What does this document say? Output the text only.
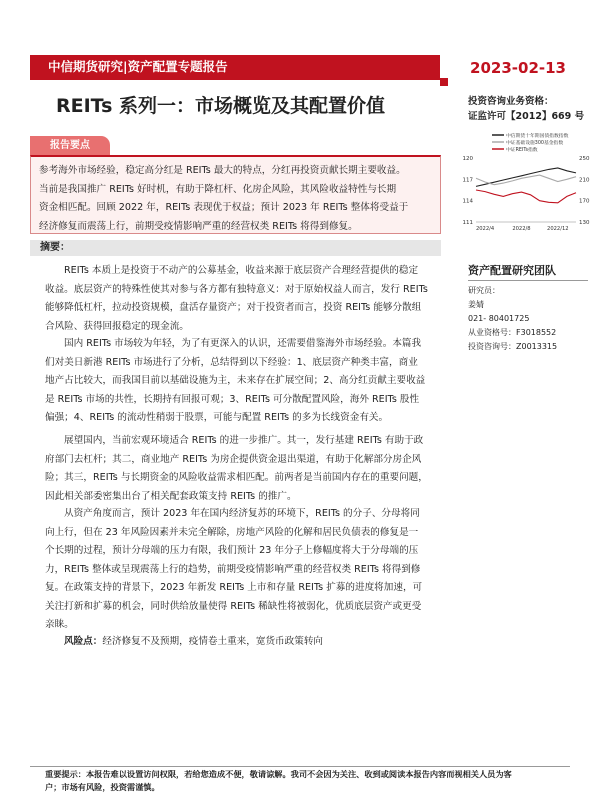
中信期货研究|资产配置专题报告	2023-02-13
REITs 系列一：市场概览及其配置价值	投资咨询业务资格：
证监许可【2012】669 号
报告要点
参考海外市场经验，稳定高分红是 REITs 最大的特点，分红再投资贡献长期主要收益。
当前是我国推广 REITs 好时机，有助于降杠杆、化房企风险，其风险收益特性与长期
资金相匹配。回顾 2022 年，REITs 表现优于权益；预计 2023 年 REITs 整体将受益于
经济修复而震荡上行，前期受疫情影响严重的经营权类 REITs 将得到修复。
摘要：
REITs 本质上是投资于不动产的公募基金，收益来源于底层资产合理经营提供的稳定
收益。底层资产的特殊性使其对参与各方都有独特意义：对于原始权益人而言，发行 REITs
能够降低杠杆，拉动投资规模，盘活存量资产；对于投资者而言，投资 REITs 能够分散组
合风险、获得回报稳定的现金流。
国内 REITs 市场较为年轻，为了有更深入的认识，还需要借鉴海外市场经验。本篇我
们对美日新港 REITs 市场进行了分析，总结得到以下经验：1、底层资产种类丰富，商业
地产占比较大，而我国目前以基础设施为主，未来存在扩展空间；2、高分红贡献主要收益
是 REITs 市场的共性，长期持有回报可观；3、REITs 可分散配置风险，海外 REITs 股性
偏强；4、REITs 的流动性稍弱于股票，可能与配置 REITs 的多为长线资金有关。
展望国内，当前宏观环境适合 REITs 的进一步推广。其一，发行基建 REITs 有助于政
府部门去杠杆；其二，商业地产 REITs 为房企提供资金退出渠道，有助于化解部分房企风
险；其三，REITs 与长期资金的风险收益需求相匹配。前两者是当前国内存在的重要问题，
因此相关部委密集出台了相关配套政策支持 REITs 的推广。
从资产角度而言，预计 2023 年在国内经济复苏的环境下，REITs 的分子、分母将同
向上行，但在 23 年风险因素并未完全解除，房地产风险的化解和居民负债表的修复是一
个长期的过程，预计分母端的压力有限，我们预计 23 年分子上修幅度将大于分母端的压
力，REITs 整体或呈现震荡上行的趋势，前期受疫情影响严重的经营权类 REITs 将得到修
复。在政策支持的背景下，2023 年新发 REITs 上市和存量 REITs 扩募的进度将加速，可
关注打新和扩募的机会，同时供给放量使得 REITs 稀缺性将被弱化，优质底层资产或更受
亲睐。
风险点：经济修复不及预期，疫情卷土重来，宽货币政策转向
中信期货十年期国债指数指数
中证基础设施300基金指数
中证REITs指数
111
114
117
120
130
170
210
250
2022/4	2022/8	2022/12
资产配置研究团队
研究员：
姜婧
021- 80401725
从业资格号：F3018552
投资咨询号：Z0013315
重要提示：本报告难以设置访问权限，若给您造成不便，敬请谅解。我司不会因为关注、收到或阅读本报告内容而视相关人员为客
户；市场有风险，投资需谨慎。
